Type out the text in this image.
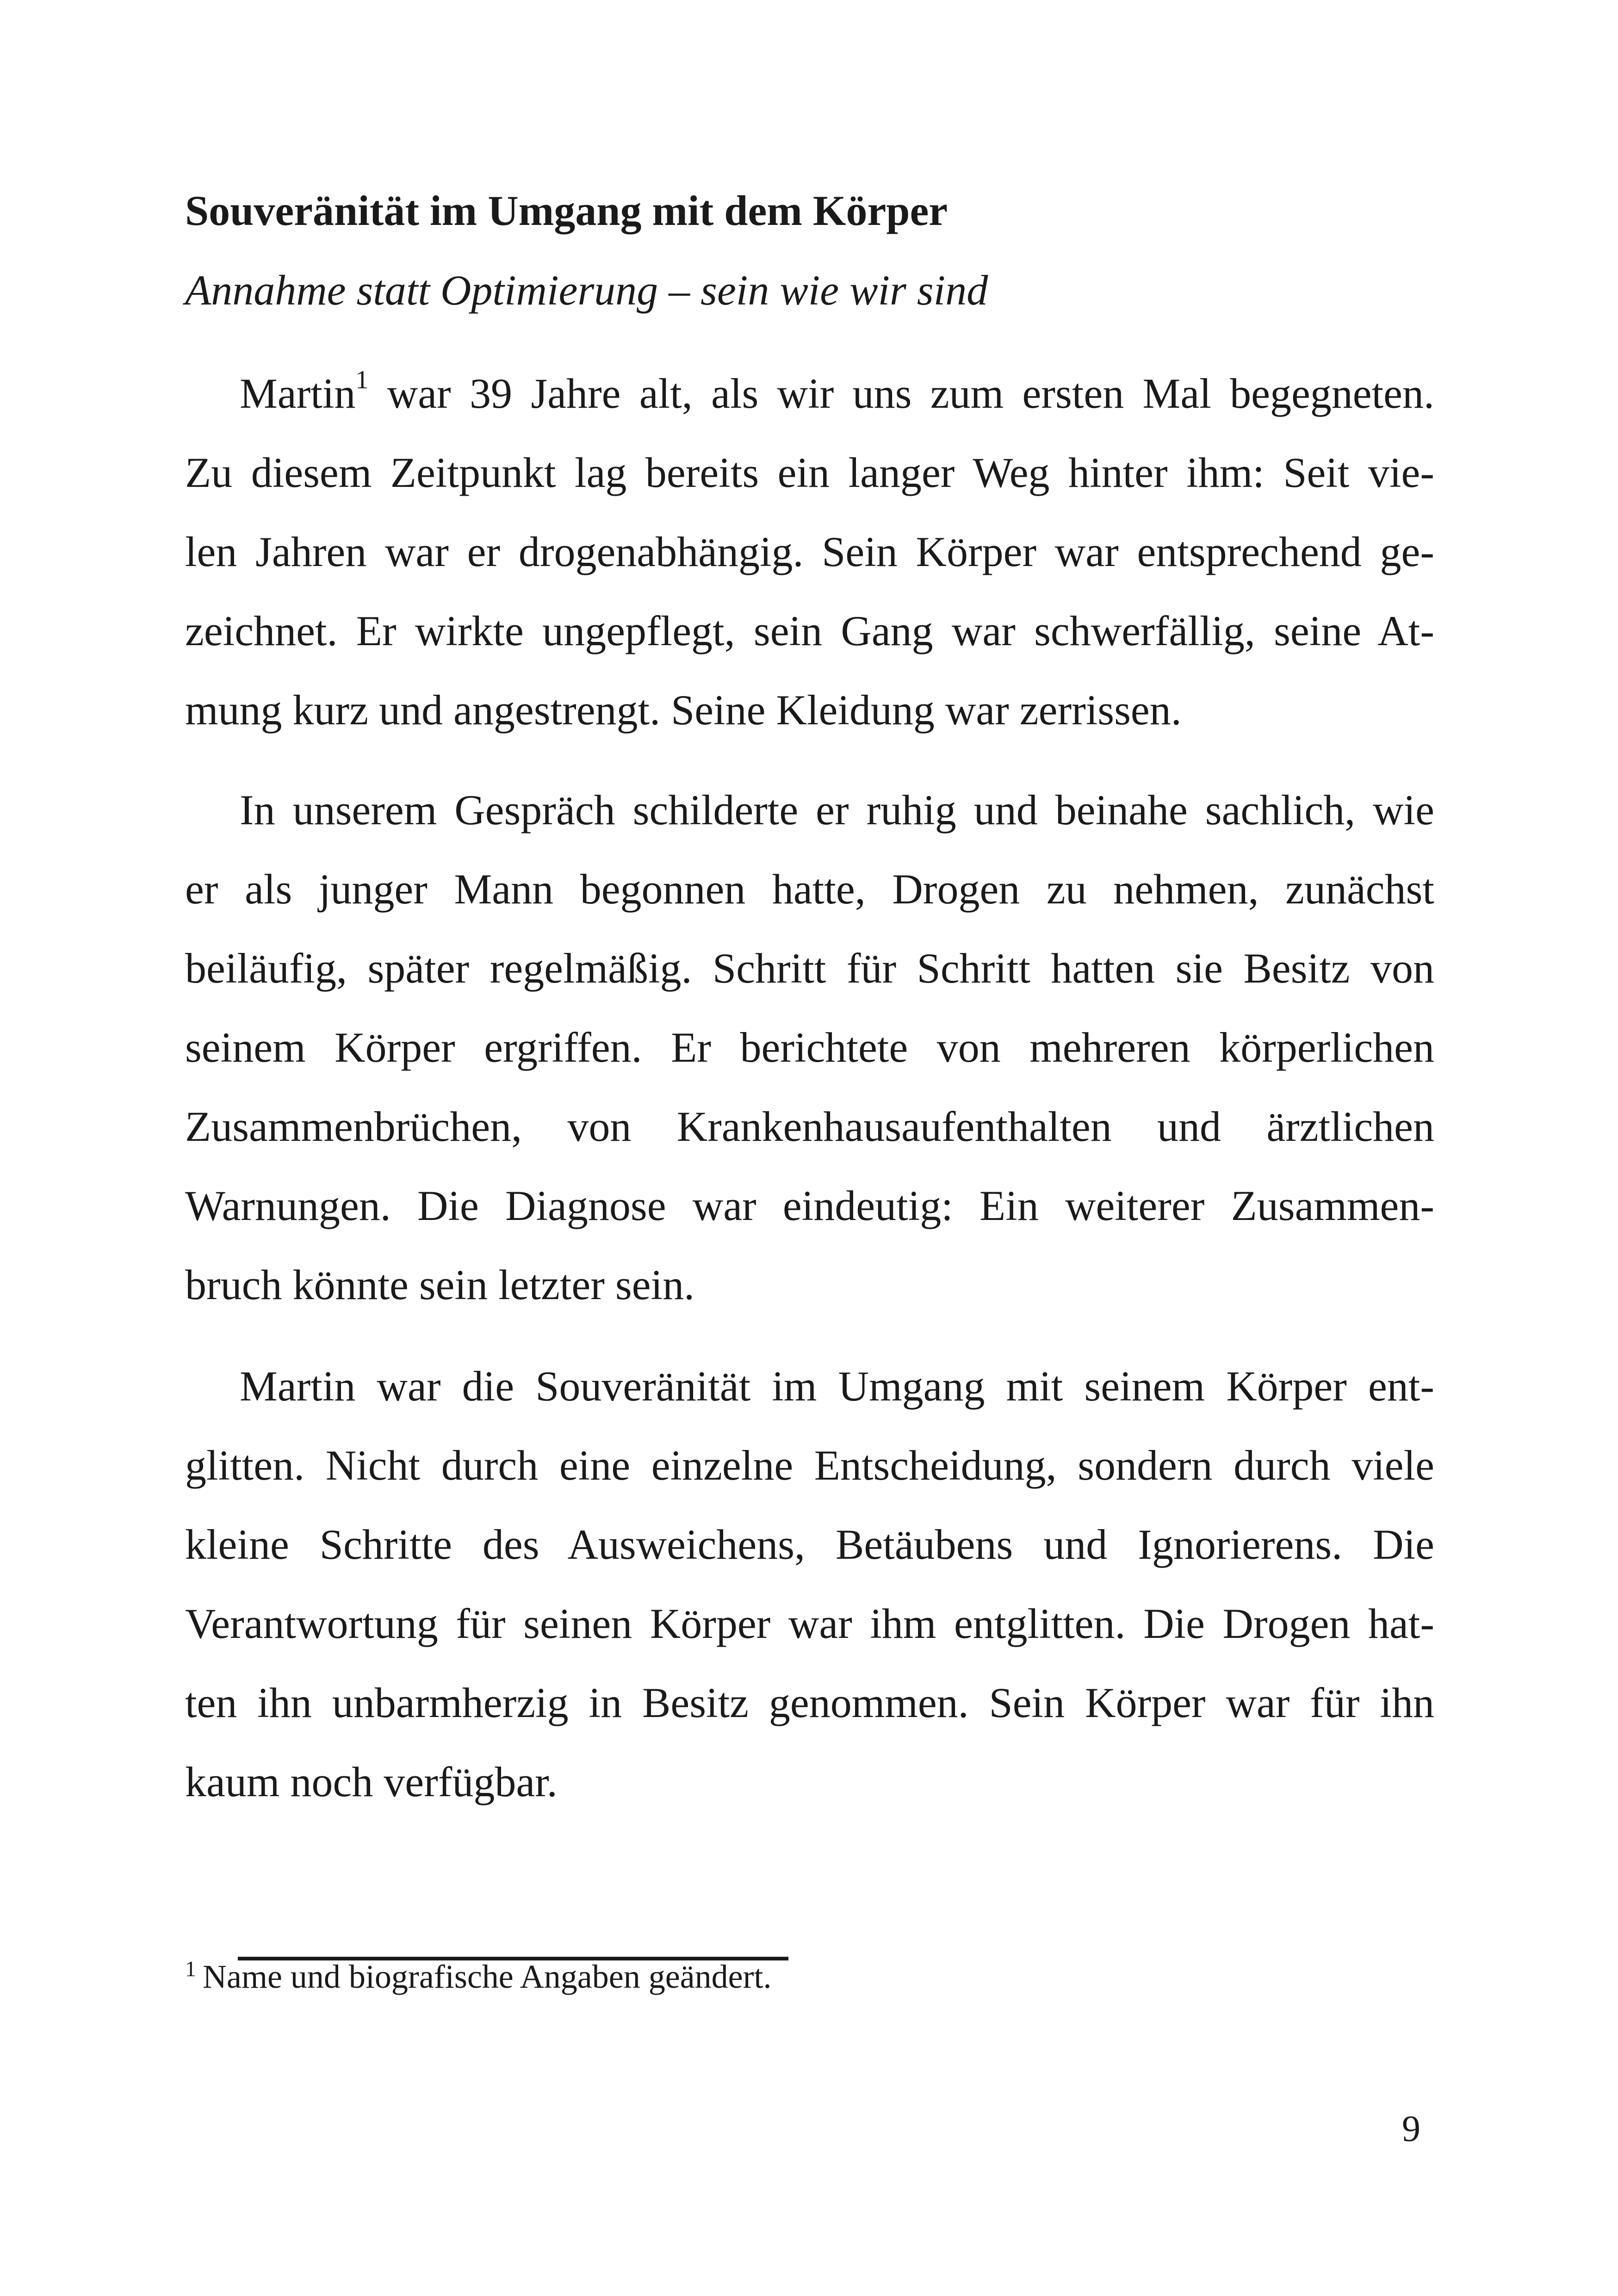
Souveränität im Umgang mit dem Körper
Annahme statt Optimierung – sein wie wir sind
Martin$^1$ war 39 Jahre alt, als wir uns zum ersten Mal begegneten.
Zu diesem Zeitpunkt lag bereits ein langer Weg hinter ihm: Seit vie-
len Jahren war er drogenabhängig. Sein Körper war entsprechend ge-
zeichnet. Er wirkte ungepflegt, sein Gang war schwerfällig, seine At-
mung kurz und angestrengt. Seine Kleidung war zerrissen.
In unserem Gespräch schilderte er ruhig und beinahe sachlich, wie
er als junger Mann begonnen hatte, Drogen zu nehmen, zunächst
beiläufig, später regelmäßig. Schritt für Schritt hatten sie Besitz von
seinem Körper ergriffen. Er berichtete von mehreren körperlichen
Zusammenbrüchen, von Krankenhausaufenthalten und ärztlichen
Warnungen. Die Diagnose war eindeutig: Ein weiterer Zusammen-
bruch könnte sein letzter sein.
Martin war die Souveränität im Umgang mit seinem Körper ent-
glitten. Nicht durch eine einzelne Entscheidung, sondern durch viele
kleine Schritte des Ausweichens, Betäubens und Ignorierens. Die
Verantwortung für seinen Körper war ihm entglitten. Die Drogen hat-
ten ihn unbarmherzig in Besitz genommen. Sein Körper war für ihn
kaum noch verfügbar.
$^1$ Name und biografische Angaben geändert.
9
